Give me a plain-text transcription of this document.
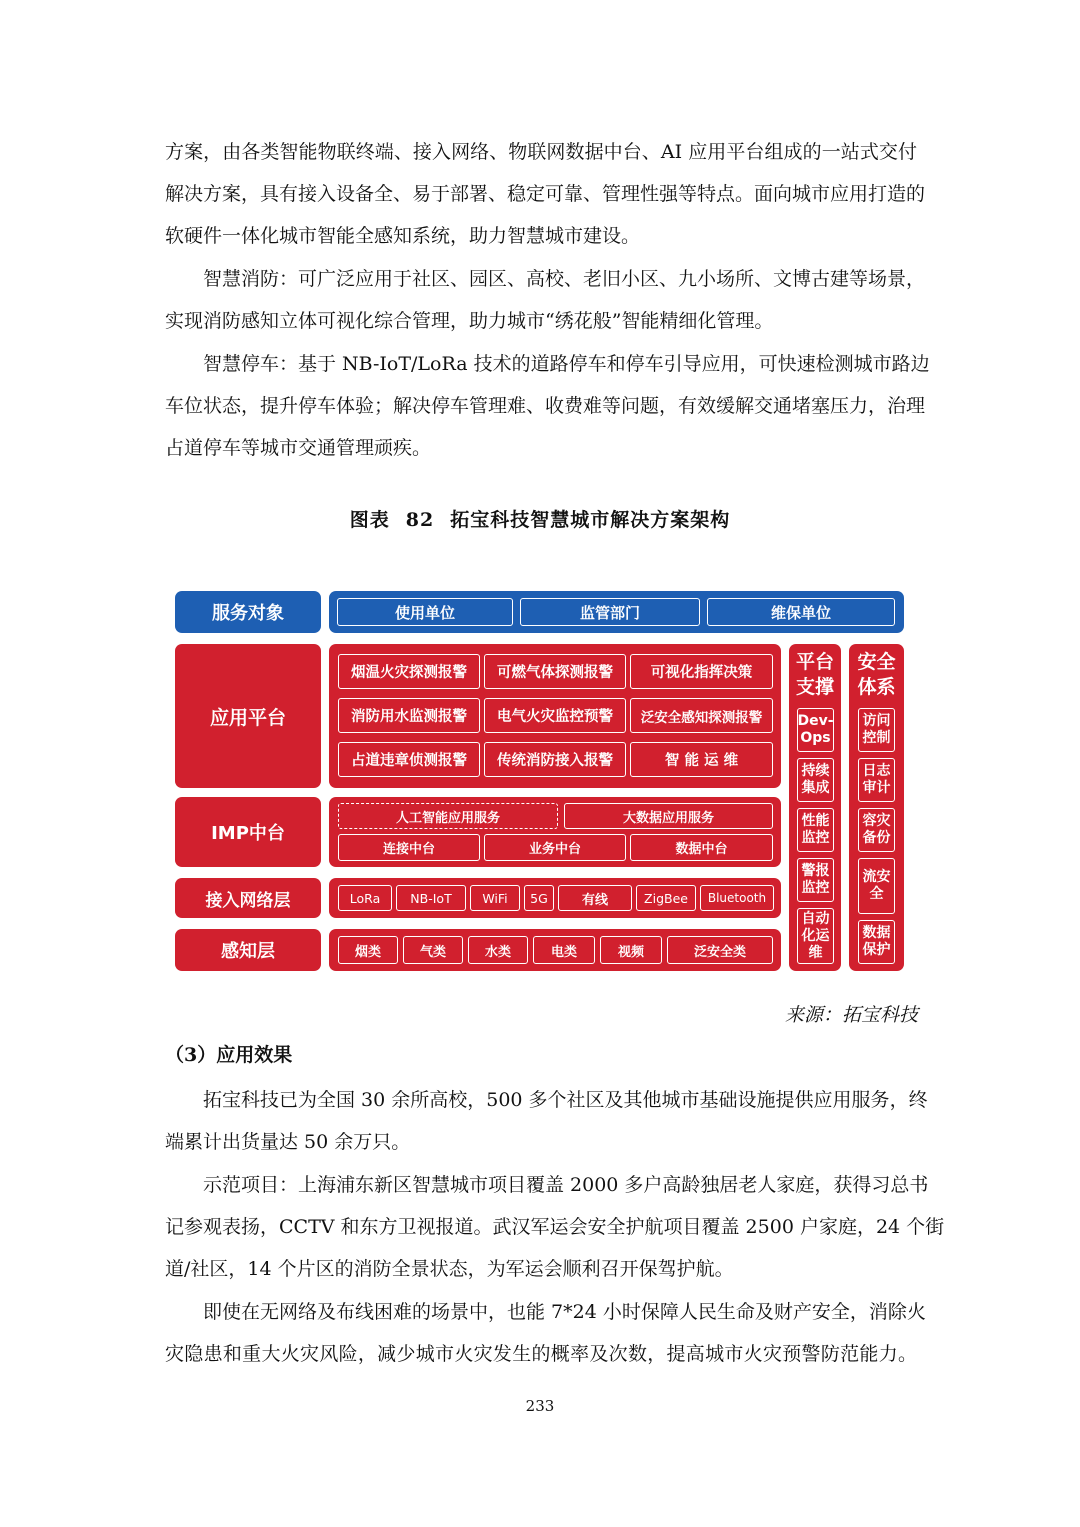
方案，由各类智能物联终端、接入网络、物联网数据中台、AI 应用平台组成的一站式交付
解决方案，具有接入设备全、易于部署、稳定可靠、管理性强等特点。面向城市应用打造的
软硬件一体化城市智能全感知系统，助力智慧城市建设。
智慧消防：可广泛应用于社区、园区、高校、老旧小区、九小场所、文博古建等场景，
实现消防感知立体可视化综合管理，助力城市“绣花般”智能精细化管理。
智慧停车：基于 NB-IoT/LoRa 技术的道路停车和停车引导应用，可快速检测城市路边
车位状态，提升停车体验；解决停车管理难、收费难等问题，有效缓解交通堵塞压力，治理
占道停车等城市交通管理顽疾。

图表 82 拓宝科技智慧城市解决方案架构

服务对象	使用单位	监管部门	维保单位
应用平台
烟温火灾探测报警	可燃气体探测报警	可视化指挥决策
消防用水监测报警	电气火灾监控预警	泛安全感知探测报警
占道违章侦测报警	传统消防接入报警	智 能 运 维
IMP中台
人工智能应用服务	大数据应用服务
连接中台	业务中台	数据中台
接入网络层	LoRa	NB-IoT	WiFi	5G	有线	ZigBee	Bluetooth
感知层	烟类	气类	水类	电类	视频	泛安全类
平台支撑
Dev-Ops
持续集成
性能监控
警报监控
自动化运维
安全体系
访问控制
日志审计
容灾备份
流安全
数据保护

来源：拓宝科技

（3）应用效果

拓宝科技已为全国 30 余所高校，500 多个社区及其他城市基础设施提供应用服务，终
端累计出货量达 50 余万只。
示范项目：上海浦东新区智慧城市项目覆盖 2000 多户高龄独居老人家庭，获得习总书
记参观表扬，CCTV 和东方卫视报道。武汉军运会安全护航项目覆盖 2500 户家庭，24 个街
道/社区，14 个片区的消防全景状态，为军运会顺利召开保驾护航。
即使在无网络及布线困难的场景中，也能 7*24 小时保障人民生命及财产安全，消除火
灾隐患和重大火灾风险，减少城市火灾发生的概率及次数，提高城市火灾预警防范能力。

233
